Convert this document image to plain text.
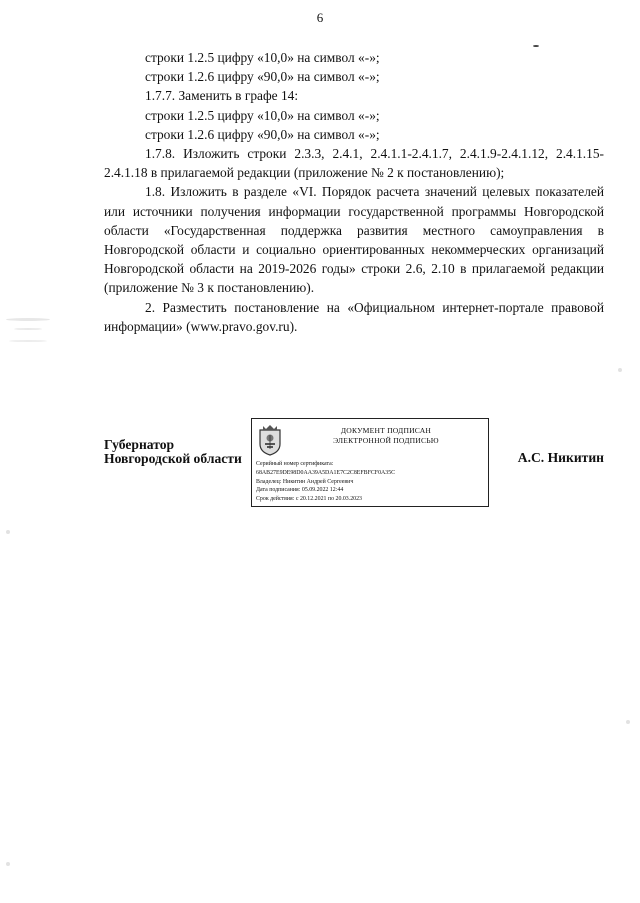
6

строки 1.2.5 цифру «10,0» на символ «-»;

строки 1.2.6 цифру «90,0» на символ «-»;

1.7.7. Заменить в графе 14:

строки 1.2.5 цифру «10,0» на символ «-»;

строки 1.2.6 цифру «90,0» на символ «-»;

1.7.8. Изложить строки 2.3.3, 2.4.1, 2.4.1.1-2.4.1.7, 2.4.1.9-2.4.1.12, 2.4.1.15-2.4.1.18 в прилагаемой редакции (приложение № 2 к постановлению);

1.8. Изложить в разделе «VI. Порядок расчета значений целевых показателей или источники получения информации государственной программы Новгородской области «Государственная поддержка развития местного самоуправления в Новгородской области и социально ориентированных некоммерческих организаций Новгородской области на 2019-2026 годы» строки 2.6, 2.10 в прилагаемой редакции (приложение № 3 к постановлению).

2. Разместить постановление на «Официальном интернет-портале правовой информации» (www.pravo.gov.ru).

Губернатор
Новгородской области
ДОКУМЕНТ ПОДПИСАН
ЭЛЕКТРОННОЙ ПОДПИСЬЮ
Серийный номер сертификата:
68AB27E9DE98D0AA39A5DA1E7C2C8EFBFCF0A35C
Владелец: Никитин Андрей Сергеевич
Дата подписания: 05.09.2022 12:44
Срок действия: с 20.12.2021 по 20.03.2023
А.С. Никитин
